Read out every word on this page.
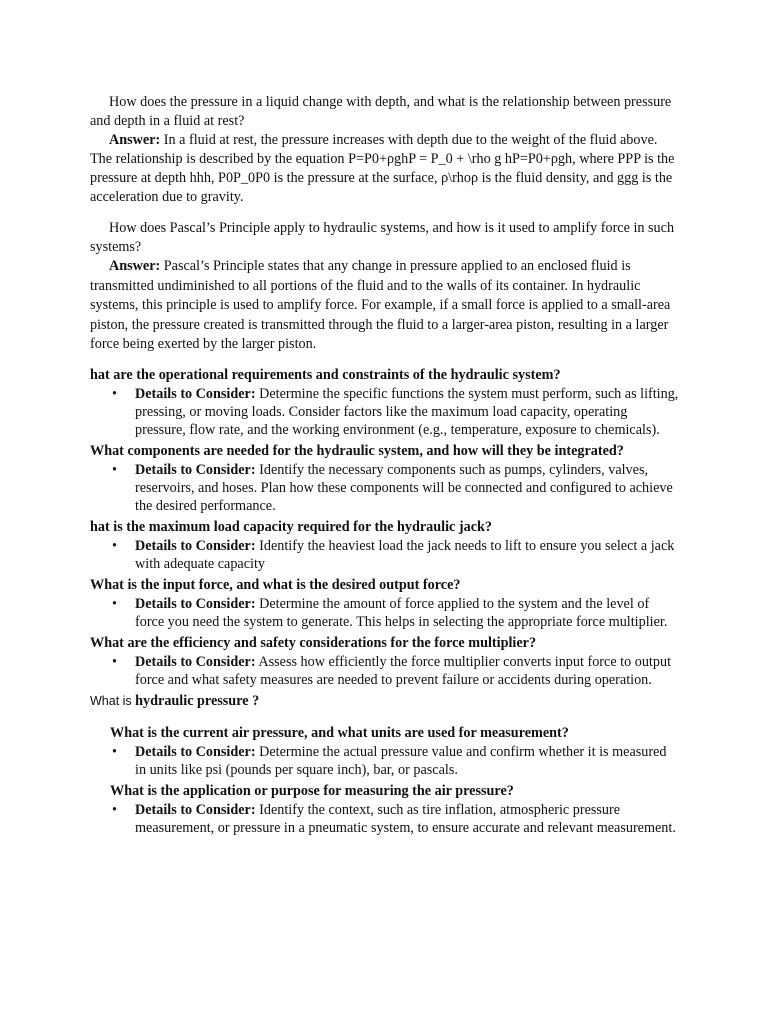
How does the pressure in a liquid change with depth, and what is the relationship between pressure and depth in a fluid at rest?

Answer: In a fluid at rest, the pressure increases with depth due to the weight of the fluid above. The relationship is described by the equation P=P0+ρghP = P_0 + \rho g hP=P0+ρgh, where PPP is the pressure at depth hhh, P0P_0P0 is the pressure at the surface, ρ\rhoρ is the fluid density, and ggg is the acceleration due to gravity.

How does Pascal’s Principle apply to hydraulic systems, and how is it used to amplify force in such systems?

Answer: Pascal’s Principle states that any change in pressure applied to an enclosed fluid is transmitted undiminished to all portions of the fluid and to the walls of its container. In hydraulic systems, this principle is used to amplify force. For example, if a small force is applied to a small-area piston, the pressure created is transmitted through the fluid to a larger-area piston, resulting in a larger force being exerted by the larger piston.

hat are the operational requirements and constraints of the hydraulic system?

• Details to Consider: Determine the specific functions the system must perform, such as lifting, pressing, or moving loads. Consider factors like the maximum load capacity, operating pressure, flow rate, and the working environment (e.g., temperature, exposure to chemicals).

What components are needed for the hydraulic system, and how will they be integrated?

• Details to Consider: Identify the necessary components such as pumps, cylinders, valves, reservoirs, and hoses. Plan how these components will be connected and configured to achieve the desired performance.

hat is the maximum load capacity required for the hydraulic jack?

• Details to Consider: Identify the heaviest load the jack needs to lift to ensure you select a jack with adequate capacity

What is the input force, and what is the desired output force?

• Details to Consider: Determine the amount of force applied to the system and the level of force you need the system to generate. This helps in selecting the appropriate force multiplier.

What are the efficiency and safety considerations for the force multiplier?

• Details to Consider: Assess how efficiently the force multiplier converts input force to output force and what safety measures are needed to prevent failure or accidents during operation.

What is hydraulic pressure ?

What is the current air pressure, and what units are used for measurement?

• Details to Consider: Determine the actual pressure value and confirm whether it is measured in units like psi (pounds per square inch), bar, or pascals.

What is the application or purpose for measuring the air pressure?

• Details to Consider: Identify the context, such as tire inflation, atmospheric pressure measurement, or pressure in a pneumatic system, to ensure accurate and relevant measurement.
